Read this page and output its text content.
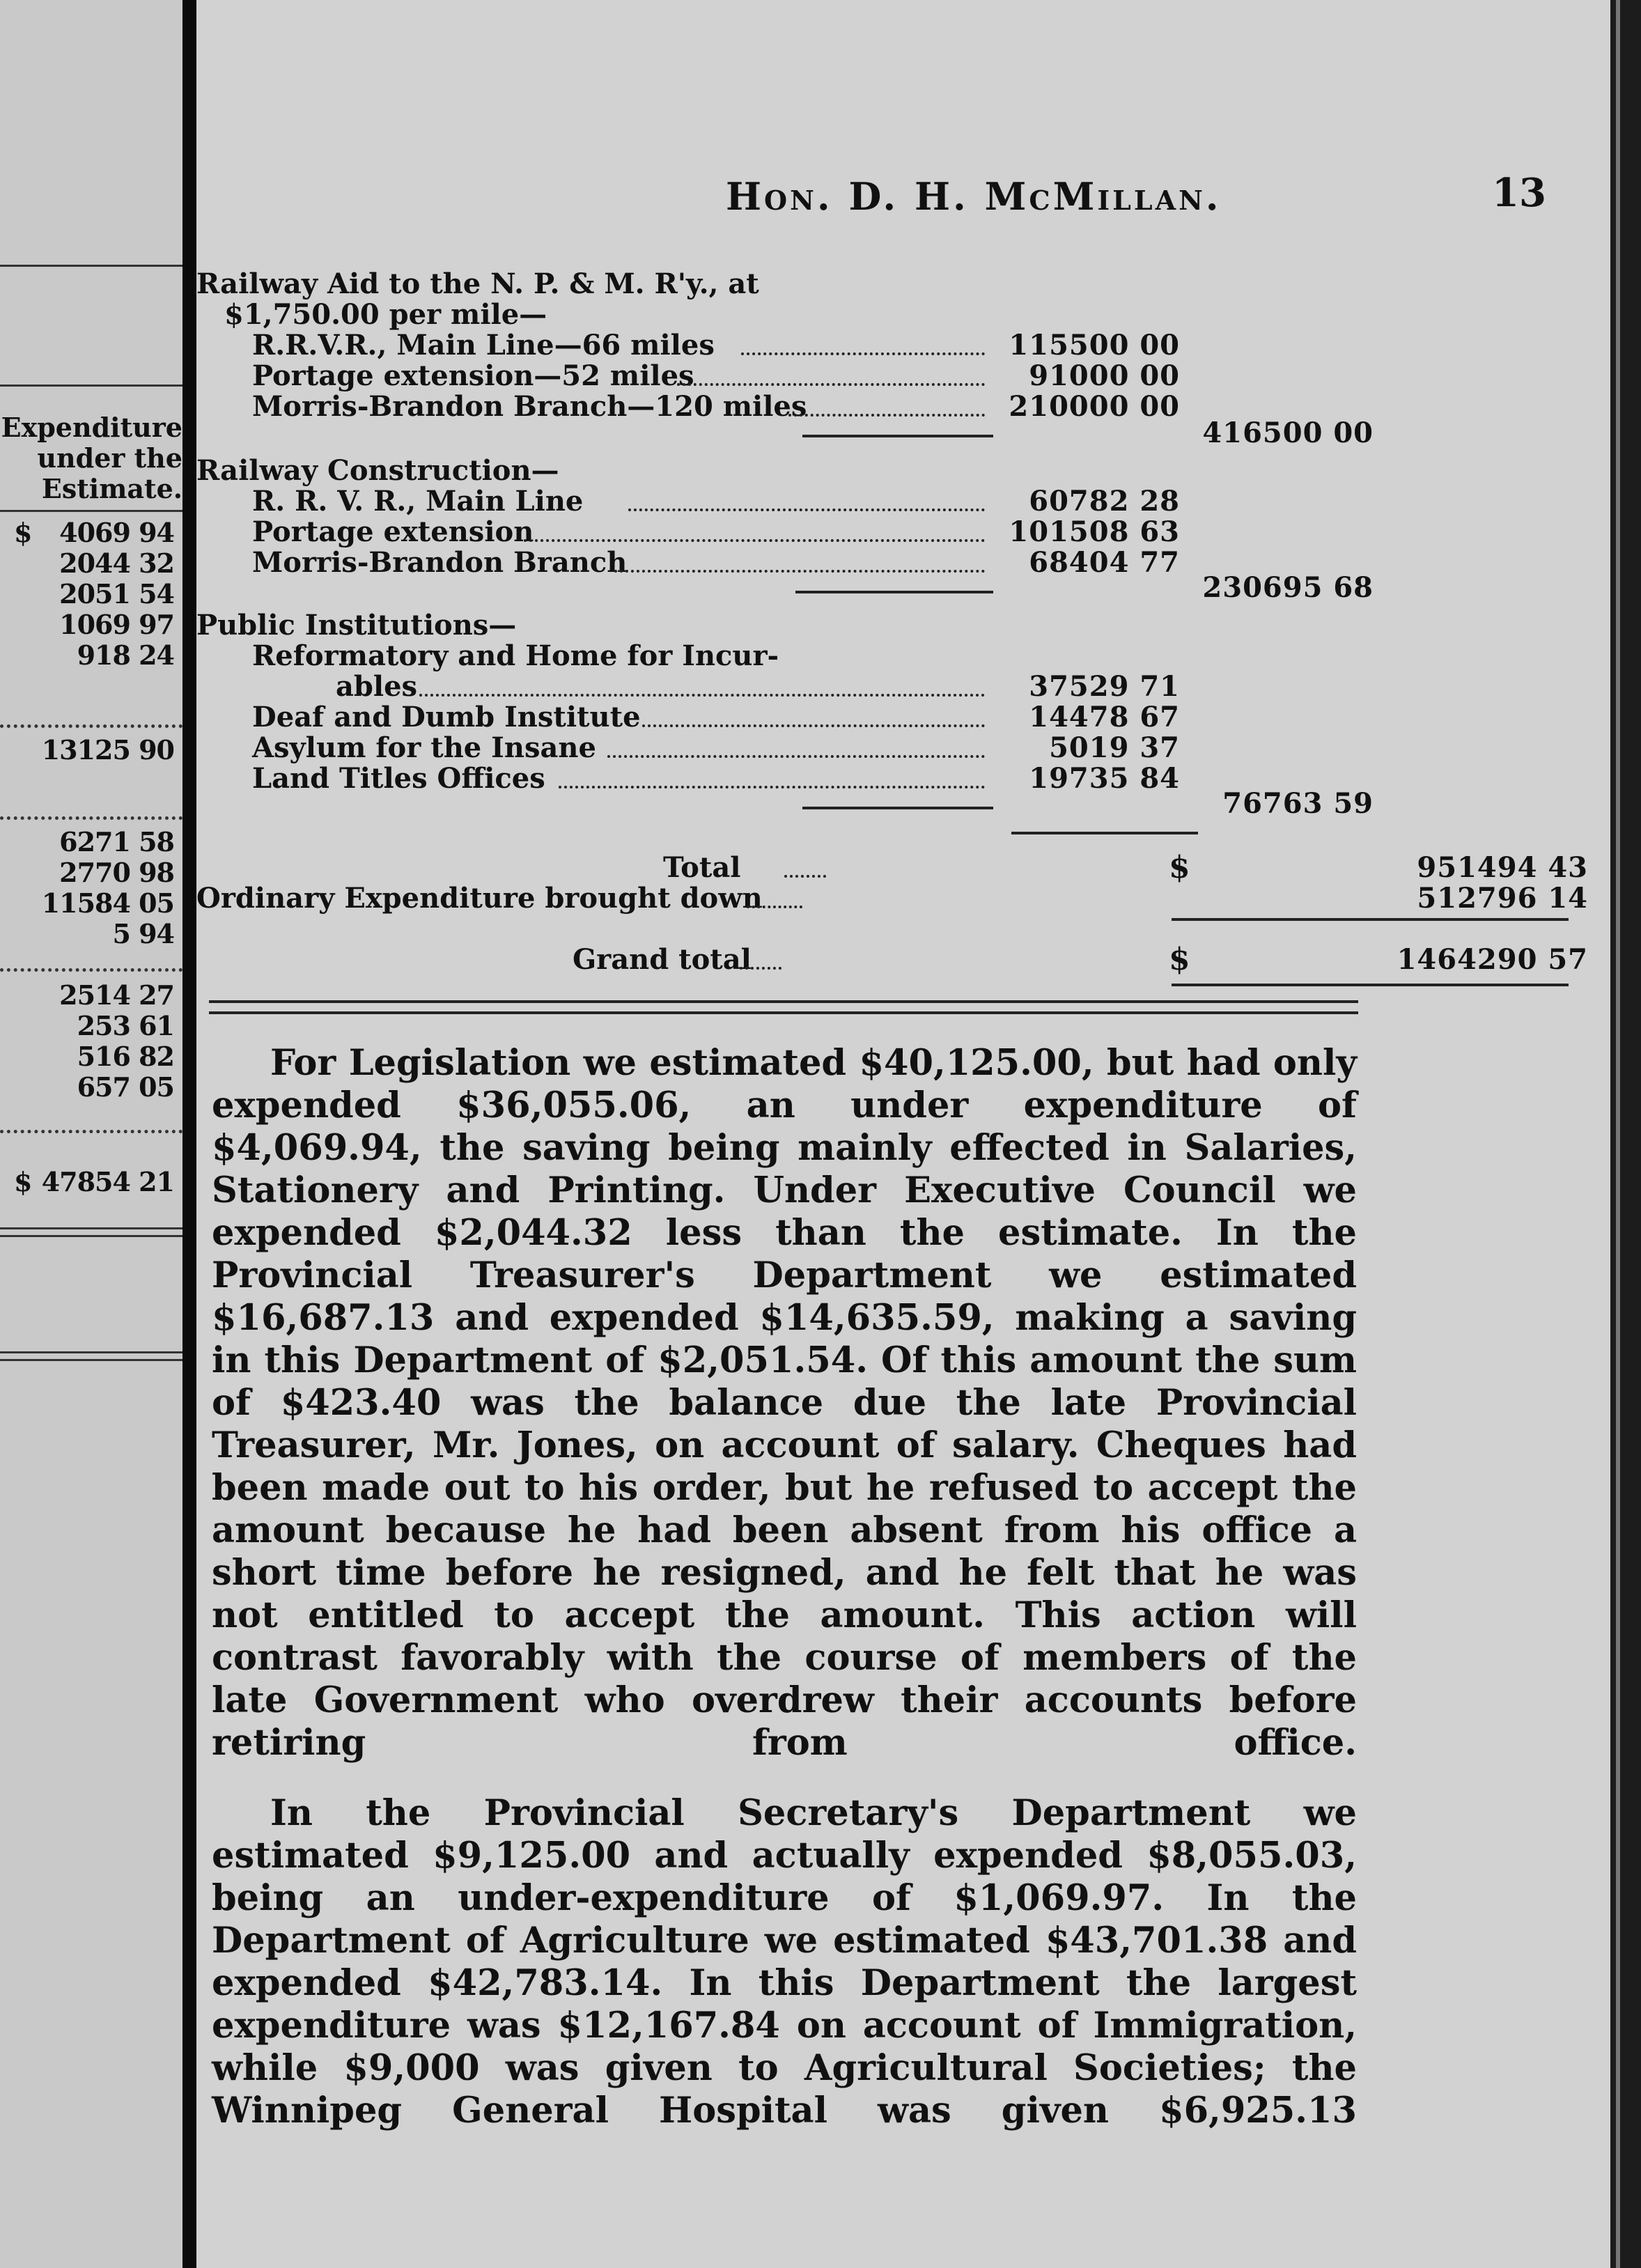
Expenditure
under the
Estimate.
$ 4069 94
2044 32
2051 54
1069 97
918 24
13125 90
6271 58
2770 98
11584 05
5 94
2514 27
253 61
516 82
657 05
$ 47854 21
Hon. D. H. McMillan.	13
Railway Aid to the N. P. & M. R'y., at
$1,750.00 per mile—
R.R.V.R., Main Line—66 miles	115500 00
Portage extension—52 miles	91000 00
Morris-Brandon Branch—120 miles	210000 00
416500 00
Railway Construction—
R. R. V. R., Main Line	60782 28
Portage extension	101508 63
Morris-Brandon Branch	68404 77
230695 68
Public Institutions—
Reformatory and Home for Incur-
ables	37529 71
Deaf and Dumb Institute	14478 67
Asylum for the Insane	5019 37
Land Titles Offices	19735 84
76763 59
Total	$	951494 43
Ordinary Expenditure brought down	512796 14
Grand total	$	1464290 57

For Legislation we estimated $40,125.00, but had only expended $36,055.06, an under expenditure of $4,069.94, the saving being mainly effected in Salaries, Stationery and Printing. Under Executive Council we expended $2,044.32 less than the estimate. In the Provincial Treasurer's Department we estimated $16,687.13 and expended $14,635.59, making a saving in this Department of $2,051.54. Of this amount the sum of $423.40 was the balance due the late Provincial Treasurer, Mr. Jones, on account of salary. Cheques had been made out to his order, but he refused to accept the amount because he had been absent from his office a short time before he resigned, and he felt that he was not entitled to accept the amount. This action will contrast favorably with the course of members of the late Government who overdrew their accounts before retiring from office.

In the Provincial Secretary's Department we estimated $9,125.00 and actually expended $8,055.03, being an under-expenditure of $1,069.97. In the Department of Agriculture we estimated $43,701.38 and expended $42,783.14. In this Department the largest expenditure was $12,167.84 on account of Immigration, while $9,000 was given to Agricultural Societies; the Winnipeg General Hospital was given $6,925.13
